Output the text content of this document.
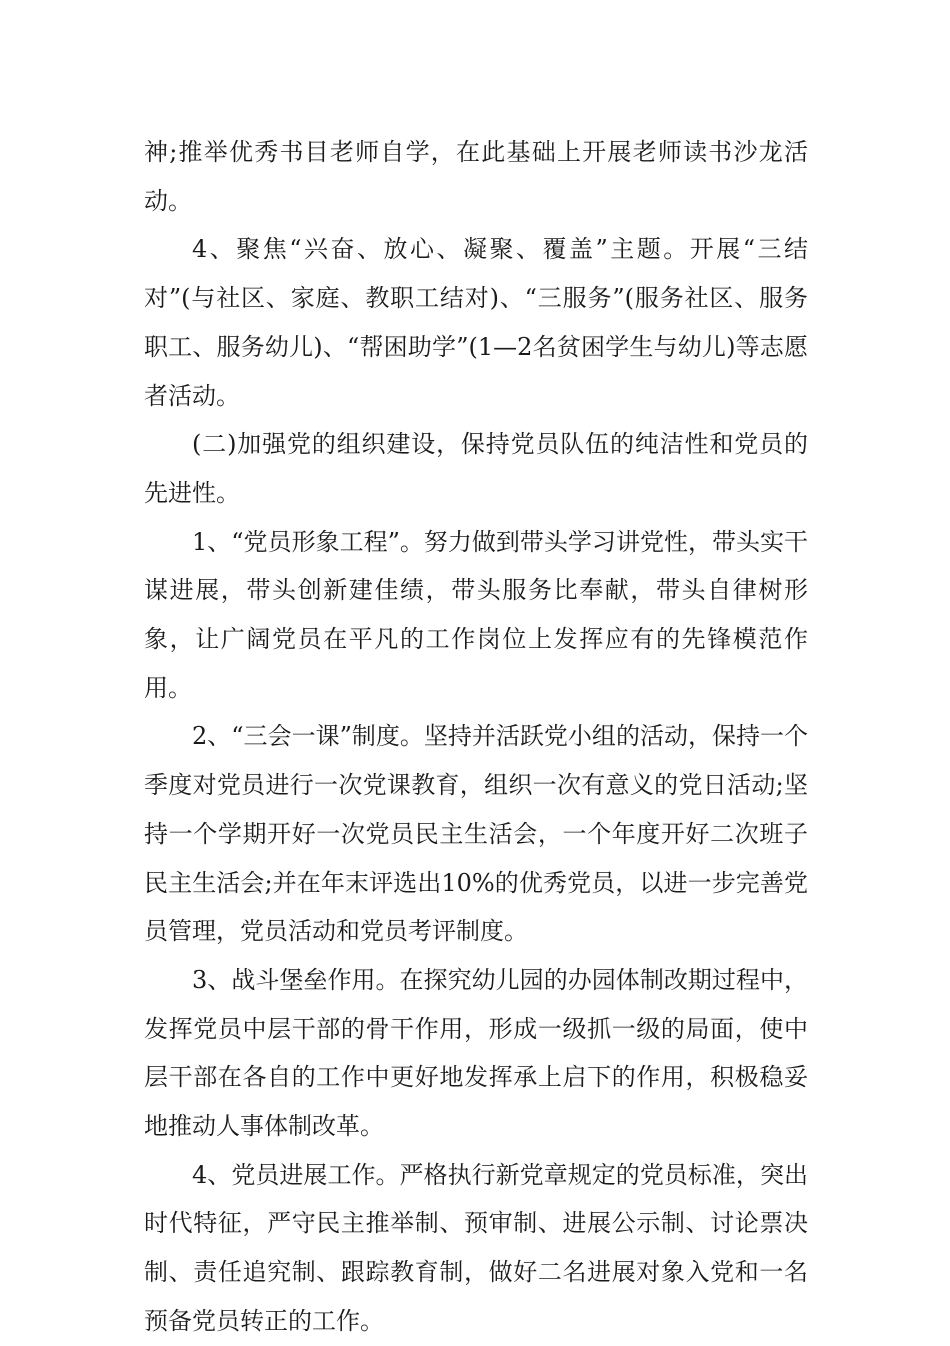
神;推举优秀书目老师自学，在此基础上开展老师读书沙龙活动。

4、聚焦“兴奋、放心、凝聚、覆盖”主题。开展“三结对”(与社区、家庭、教职工结对)、“三服务”(服务社区、服务职工、服务幼儿)、“帮困助学”(1—2名贫困学生与幼儿)等志愿者活动。

(二)加强党的组织建设，保持党员队伍的纯洁性和党员的先进性。

1、“党员形象工程”。努力做到带头学习讲党性，带头实干谋进展，带头创新建佳绩，带头服务比奉献，带头自律树形象，让广阔党员在平凡的工作岗位上发挥应有的先锋模范作用。

2、“三会一课”制度。坚持并活跃党小组的活动，保持一个季度对党员进行一次党课教育，组织一次有意义的党日活动;坚持一个学期开好一次党员民主生活会，一个年度开好二次班子民主生活会;并在年末评选出10%的优秀党员，以进一步完善党员管理，党员活动和党员考评制度。

3、战斗堡垒作用。在探究幼儿园的办园体制改期过程中，发挥党员中层干部的骨干作用，形成一级抓一级的局面，使中层干部在各自的工作中更好地发挥承上启下的作用，积极稳妥地推动人事体制改革。

4、党员进展工作。严格执行新党章规定的党员标准，突出时代特征，严守民主推举制、预审制、进展公示制、讨论票决制、责任追究制、跟踪教育制，做好二名进展对象入党和一名预备党员转正的工作。
